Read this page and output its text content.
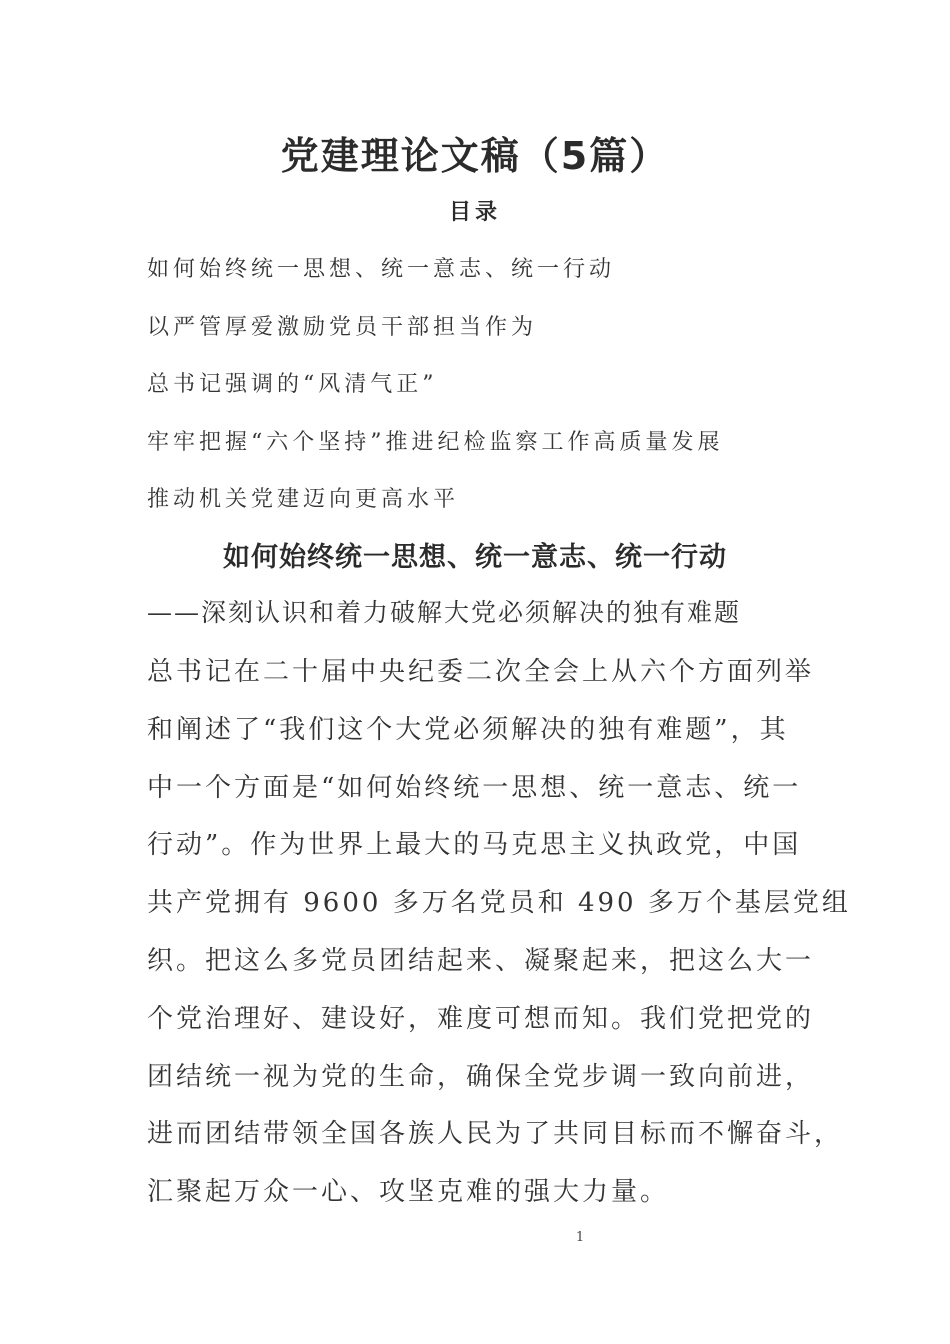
党建理论文稿（5篇）
目录
如何始终统一思想、统一意志、统一行动
以严管厚爱激励党员干部担当作为
总书记强调的“风清气正”
牢牢把握“六个坚持”推进纪检监察工作高质量发展
推动机关党建迈向更高水平
如何始终统一思想、统一意志、统一行动

——深刻认识和着力破解大党必须解决的独有难题

总书记在二十届中央纪委二次全会上从六个方面列举
和阐述了“我们这个大党必须解决的独有难题”，其
中一个方面是“如何始终统一思想、统一意志、统一
行动”。作为世界上最大的马克思主义执政党，中国
共产党拥有 9600 多万名党员和 490 多万个基层党组
织。把这么多党员团结起来、凝聚起来，把这么大一
个党治理好、建设好，难度可想而知。我们党把党的
团结统一视为党的生命，确保全党步调一致向前进，
进而团结带领全国各族人民为了共同目标而不懈奋斗，
汇聚起万众一心、攻坚克难的强大力量。

1
